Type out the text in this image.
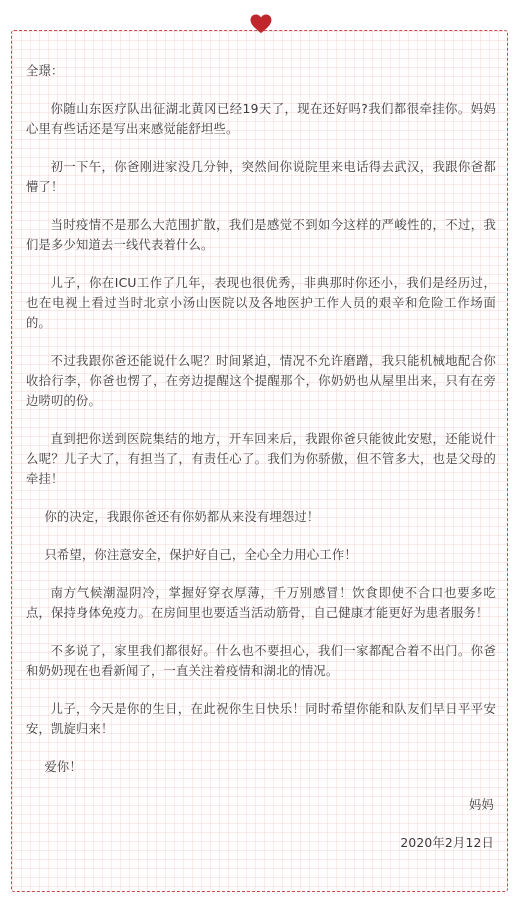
全璟：

你随山东医疗队出征湖北黄冈已经19天了，现在还好吗?我们都很牵挂你。妈妈心里有些话还是写出来感觉能舒坦些。

初一下午，你爸刚进家没几分钟，突然间你说院里来电话得去武汉，我跟你爸都懵了！

当时疫情不是那么大范围扩散，我们是感觉不到如今这样的严峻性的，不过，我们是多少知道去一线代表着什么。

儿子，你在ICU工作了几年，表现也很优秀，非典那时你还小，我们是经历过，也在电视上看过当时北京小汤山医院以及各地医护工作人员的艰辛和危险工作场面的。

不过我跟你爸还能说什么呢？时间紧迫，情况不允许磨蹭，我只能机械地配合你收拾行李，你爸也愣了，在旁边提醒这个提醒那个，你奶奶也从屋里出来，只有在旁边唠叨的份。

直到把你送到医院集结的地方，开车回来后，我跟你爸只能彼此安慰，还能说什么呢？儿子大了，有担当了，有责任心了。我们为你骄傲，但不管多大，也是父母的牵挂！

你的决定，我跟你爸还有你奶都从来没有埋怨过！

只希望，你注意安全，保护好自己，全心全力用心工作！

南方气候潮湿阴冷，掌握好穿衣厚薄，千万别感冒！饮食即使不合口也要多吃点，保持身体免疫力。在房间里也要适当活动筋骨，自己健康才能更好为患者服务！

不多说了，家里我们都很好。什么也不要担心，我们一家都配合着不出门。你爸和奶奶现在也看新闻了，一直关注着疫情和湖北的情况。

儿子，今天是你的生日，在此祝你生日快乐！同时希望你能和队友们早日平平安安，凯旋归来！

爱你！

妈妈

2020年2月12日
